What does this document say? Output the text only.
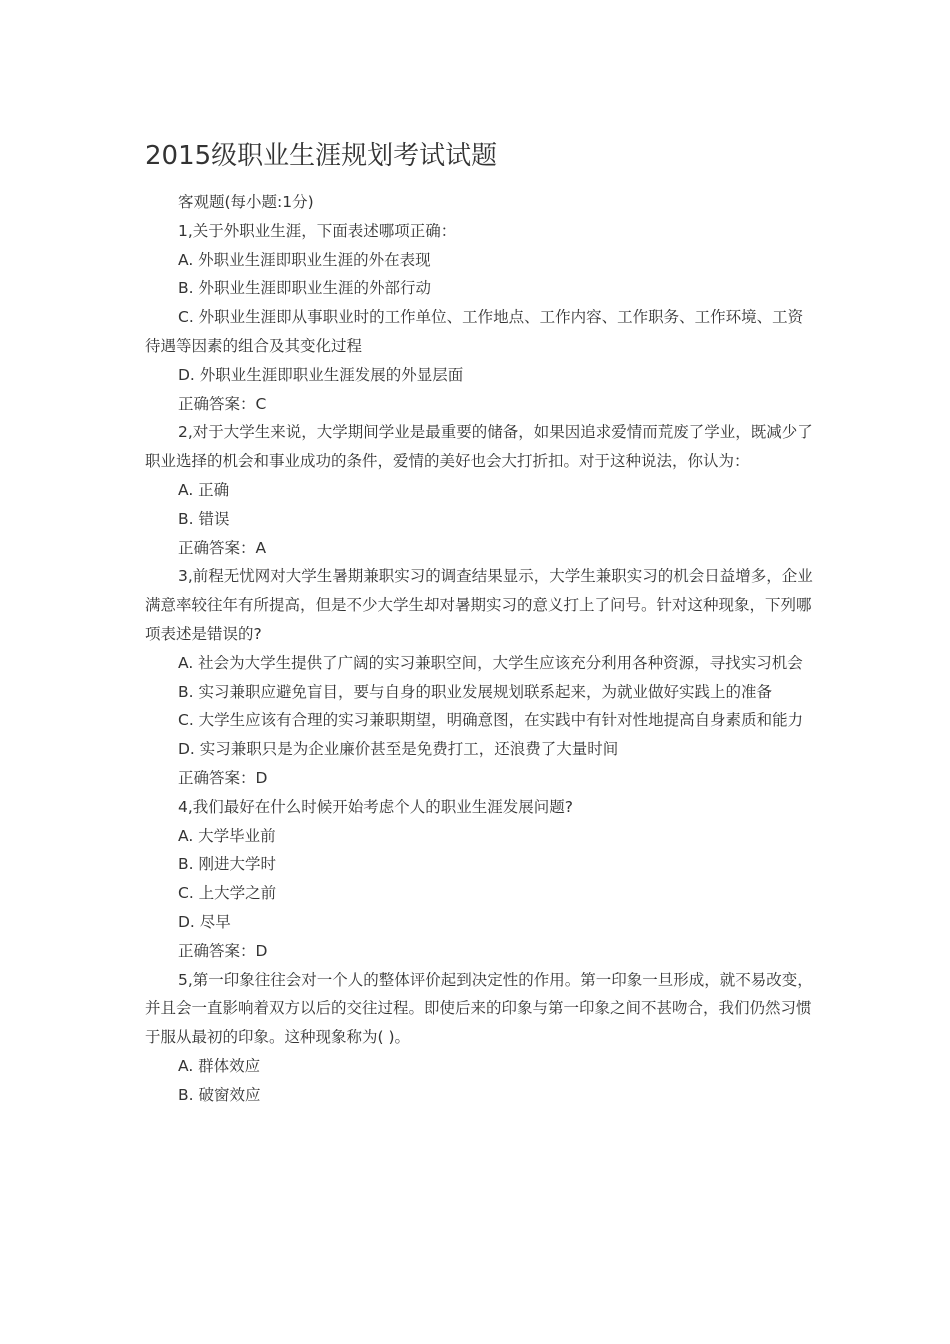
2015级职业生涯规划考试试题

客观题(每小题:1分)

1,关于外职业生涯，下面表述哪项正确：

A. 外职业生涯即职业生涯的外在表现

B. 外职业生涯即职业生涯的外部行动

C. 外职业生涯即从事职业时的工作单位、工作地点、工作内容、工作职务、工作环境、工资待遇等因素的组合及其变化过程

D. 外职业生涯即职业生涯发展的外显层面

正确答案：C

2,对于大学生来说，大学期间学业是最重要的储备，如果因追求爱情而荒废了学业，既减少了职业选择的机会和事业成功的条件，爱情的美好也会大打折扣。对于这种说法，你认为：

A. 正确

B. 错误

正确答案：A

3,前程无忧网对大学生暑期兼职实习的调查结果显示，大学生兼职实习的机会日益增多，企业满意率较往年有所提高，但是不少大学生却对暑期实习的意义打上了问号。针对这种现象，下列哪项表述是错误的?

A. 社会为大学生提供了广阔的实习兼职空间，大学生应该充分利用各种资源，寻找实习机会

B. 实习兼职应避免盲目，要与自身的职业发展规划联系起来，为就业做好实践上的准备

C. 大学生应该有合理的实习兼职期望，明确意图，在实践中有针对性地提高自身素质和能力

D. 实习兼职只是为企业廉价甚至是免费打工，还浪费了大量时间

正确答案：D

4,我们最好在什么时候开始考虑个人的职业生涯发展问题?

A. 大学毕业前

B. 刚进大学时

C. 上大学之前

D. 尽早

正确答案：D

5,第一印象往往会对一个人的整体评价起到决定性的作用。第一印象一旦形成，就不易改变，并且会一直影响着双方以后的交往过程。即使后来的印象与第一印象之间不甚吻合，我们仍然习惯于服从最初的印象。这种现象称为( )。

A. 群体效应

B. 破窗效应
